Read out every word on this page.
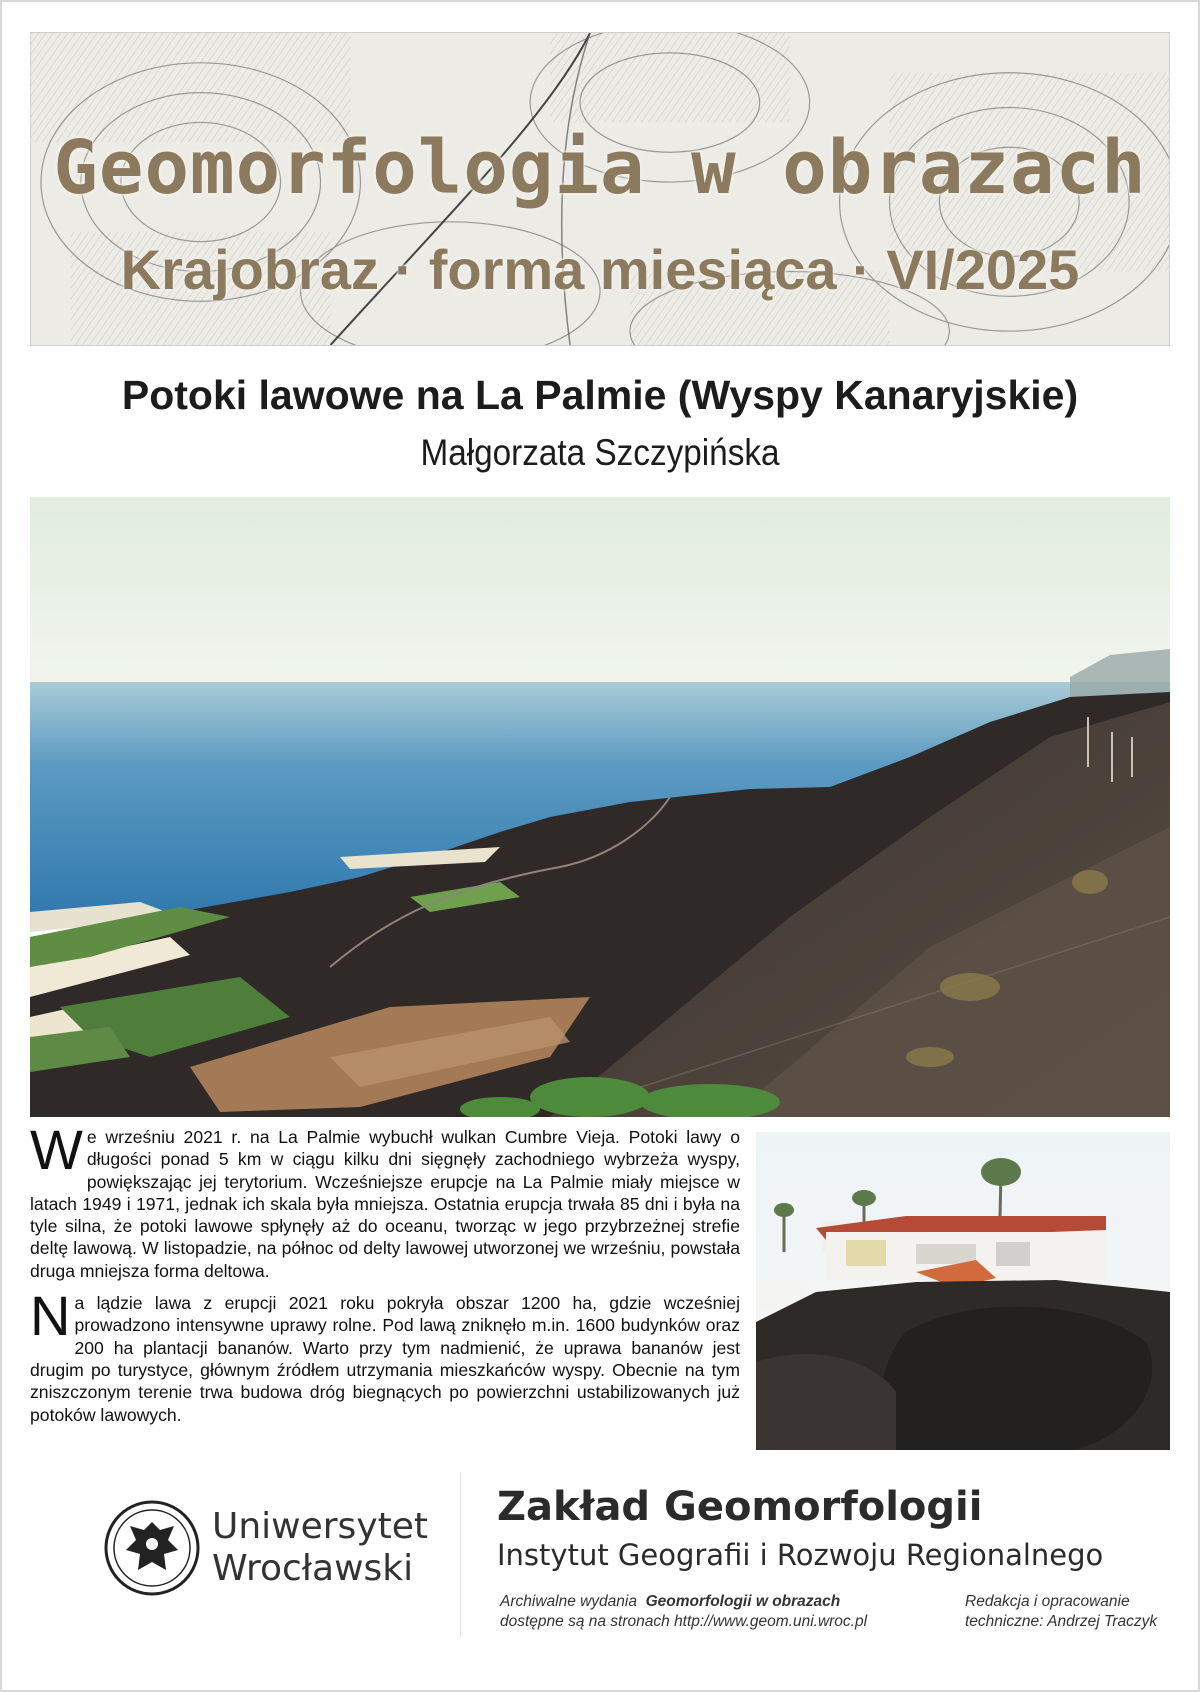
Geomorfologia w obrazach
Krajobraz · forma miesiąca · VI/2025
Potoki lawowe na La Palmie (Wyspy Kanaryjskie)
Małgorzata Szczypińska

We wrześniu 2021 r. na La Palmie wybuchł wulkan Cumbre Vieja. Potoki lawy o długości ponad 5 km w ciągu kilku dni sięgnęły zachodniego wybrzeża wyspy, powiększając jej terytorium. Wcześniejsze erupcje na La Palmie miały miejsce w latach 1949 i 1971, jednak ich skala była mniejsza. Ostatnia erupcja trwała 85 dni i była na tyle silna, że potoki lawowe spłynęły aż do oceanu, tworząc w jego przybrzeżnej strefie deltę lawową. W listopadzie, na północ od delty lawowej utworzonej we wrześniu, powstała druga mniejsza forma deltowa.

Na lądzie lawa z erupcji 2021 roku pokryła obszar 1200 ha, gdzie wcześniej prowadzono intensywne uprawy rolne. Pod lawą zniknęło m.in. 1600 budynków oraz 200 ha plantacji bananów. Warto przy tym nadmienić, że uprawa bananów jest drugim po turystyce, głównym źródłem utrzymania mieszkańców wyspy. Obecnie na tym zniszczonym terenie trwa budowa dróg biegnących po powierzchni ustabilizowanych już potoków lawowych.

Uniwersytet
Wrocławski
Zakład Geomorfologii
Instytut Geografii i Rozwoju Regionalnego
Archiwalne wydania Geomorfologii w obrazach
dostępne są na stronach http://www.geom.uni.wroc.pl
Redakcja i opracowanie
techniczne: Andrzej Traczyk
